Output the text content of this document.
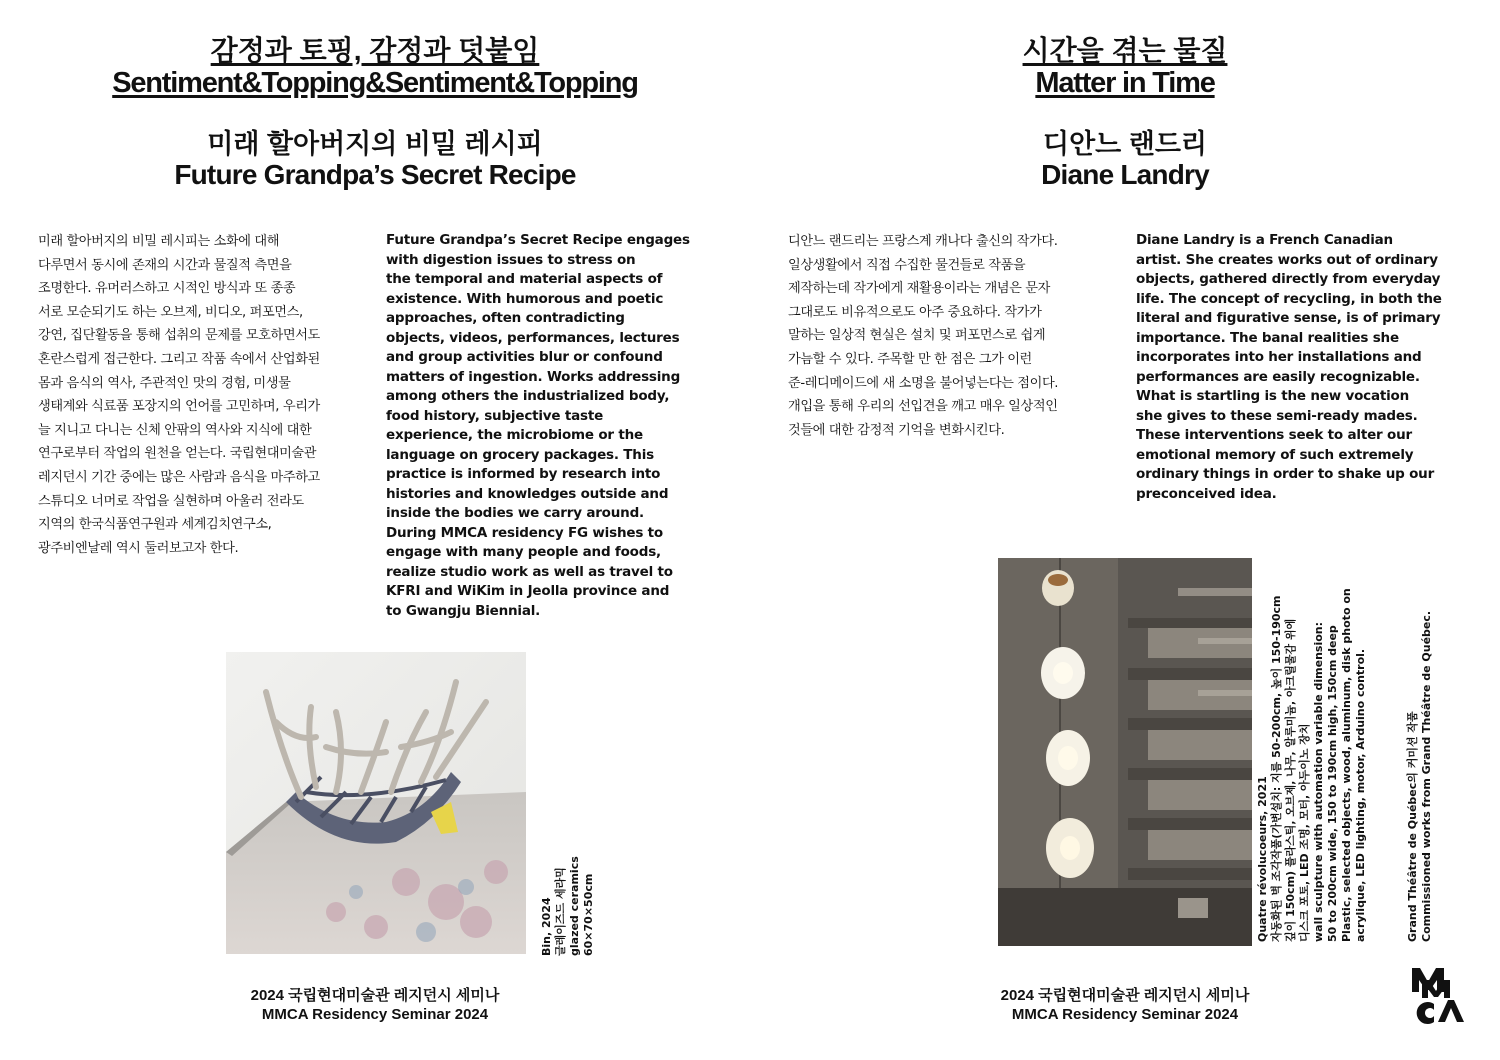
감정과 토핑, 감정과 덧붙임
Sentiment&Topping&Sentiment&Topping
미래 할아버지의 비밀 레시피
Future Grandpa’s Secret Recipe

미래 할아버지의 비밀 레시피는 소화에 대해
다루면서 동시에 존재의 시간과 물질적 측면을
조명한다. 유머러스하고 시적인 방식과 또 종종
서로 모순되기도 하는 오브제, 비디오, 퍼포먼스,
강연, 집단활동을 통해 섭취의 문제를 모호하면서도
혼란스럽게 접근한다. 그리고 작품 속에서 산업화된
몸과 음식의 역사, 주관적인 맛의 경험, 미생물
생태계와 식료품 포장지의 언어를 고민하며, 우리가
늘 지니고 다니는 신체 안팎의 역사와 지식에 대한
연구로부터 작업의 원천을 얻는다. 국립현대미술관
레지던시 기간 중에는 많은 사람과 음식을 마주하고
스튜디오 너머로 작업을 실현하며 아울러 전라도
지역의 한국식품연구원과 세계김치연구소,
광주비엔날레 역시 둘러보고자 한다.

Future Grandpa’s Secret Recipe engages
with digestion issues to stress on
the temporal and material aspects of
existence. With humorous and poetic
approaches, often contradicting
objects, videos, performances, lectures
and group activities blur or confound
matters of ingestion. Works addressing
among others the industrialized body,
food history, subjective taste
experience, the microbiome or the
language on grocery packages. This
practice is informed by research into
histories and knowledges outside and
inside the bodies we carry around.
During MMCA residency FG wishes to
engage with many people and foods,
realize studio work as well as travel to
KFRI and WiKim in Jeolla province and
to Gwangju Biennial.

Bin, 2024 글레이즈드 세라믹 glazed ceramics 60×70×50cm
2024 국립현대미술관 레지던시 세미나
MMCA Residency Seminar 2024
시간을 겪는 물질
Matter in Time
디안느 랜드리
Diane Landry

디안느 랜드리는 프랑스계 캐나다 출신의 작가다.
일상생활에서 직접 수집한 물건들로 작품을
제작하는데 작가에게 재활용이라는 개념은 문자
그대로도 비유적으로도 아주 중요하다. 작가가
말하는 일상적 현실은 설치 및 퍼포먼스로 쉽게
가늠할 수 있다. 주목할 만 한 점은 그가 이런
준-레디메이드에 새 소명을 불어넣는다는 점이다.
개입을 통해 우리의 선입견을 깨고 매우 일상적인
것들에 대한 감정적 기억을 변화시킨다.

Diane Landry is a French Canadian
artist. She creates works out of ordinary
objects, gathered directly from everyday
life. The concept of recycling, in both the
literal and figurative sense, is of primary
importance. The banal realities she
incorporates into her installations and
performances are easily recognizable.
What is startling is the new vocation
she gives to these semi-ready mades.
These interventions seek to alter our
emotional memory of such extremely
ordinary things in order to shake up our
preconceived idea.

Quatre révolucoeurs, 2021 자동화된 벽 조각작품(가변설치: 지름 50-200cm, 높이 150-190cm 깊이 150cm) 플라스틱, 오브제, 나무, 알루미늄, 아크릴물감 위에 디스크 포토, LED 조명, 모터, 아두이노 장치 wall sculpture with automation variable dimension: 50 to 200cm wide, 150 to 190cm high, 150cm deep Plastic, selected objects, wood, aluminum, disk photo on acrylique, LED lighting, motor, Arduino control.	Grand Théâtre de Québec의 커미션 작품 Commissioned works from Grand Théâtre de Québec.
2024 국립현대미술관 레지던시 세미나
MMCA Residency Seminar 2024
